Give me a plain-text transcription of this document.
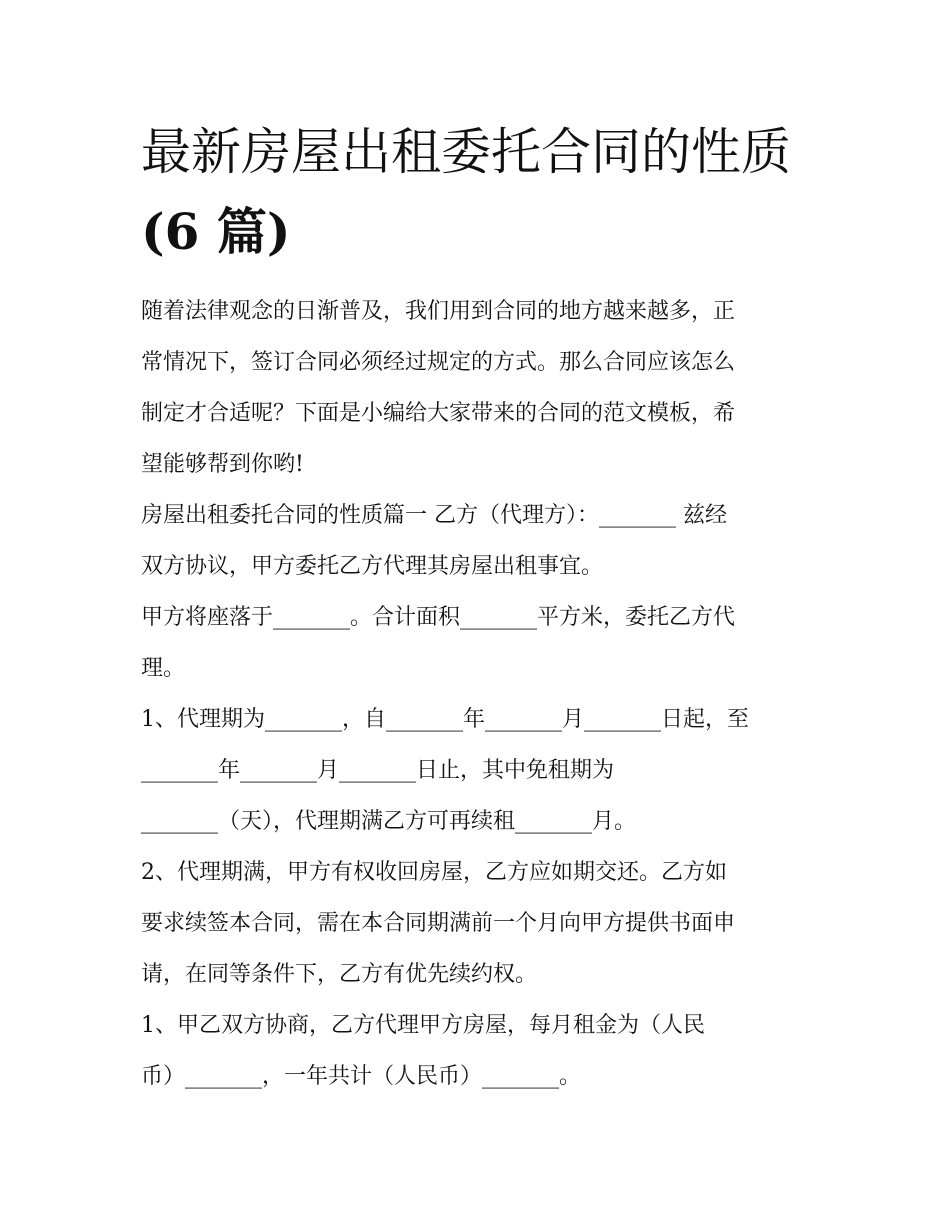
最新房屋出租委托合同的性质
(6 篇)

随着法律观念的日渐普及，我们用到合同的地方越来越多，正
常情况下，签订合同必须经过规定的方式。那么合同应该怎么
制定才合适呢？下面是小编给大家带来的合同的范文模板，希
望能够帮到你哟!

房屋出租委托合同的性质篇一 乙方（代理方）：_______ 兹经
双方协议，甲方委托乙方代理其房屋出租事宜。

甲方将座落于_______。合计面积_______平方米，委托乙方代
理。

1、代理期为_______，自_______年_______月_______日起，至
_______年_______月_______日止，其中免租期为
_______（天），代理期满乙方可再续租_______月。

2、代理期满，甲方有权收回房屋，乙方应如期交还。乙方如
要求续签本合同，需在本合同期满前一个月向甲方提供书面申
请，在同等条件下，乙方有优先续约权。

1、甲乙双方协商，乙方代理甲方房屋，每月租金为（人民
币）_______，一年共计（人民币）_______。
